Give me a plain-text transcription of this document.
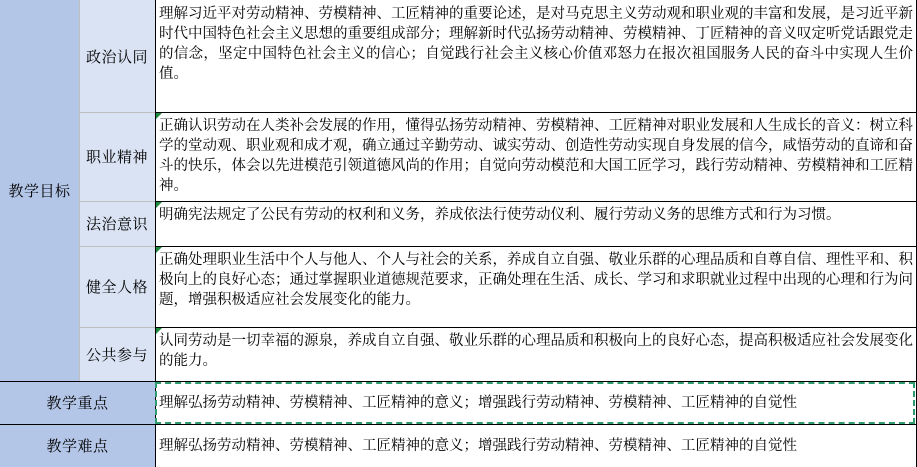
教学目标
政治认同
职业精神
法治意识
健全人格
公共参与
理解习近平对劳动精神、劳模精神、工匠精神的重要论述，是对马克思主义劳动观和职业观的丰富和发展，是习近平新时代中国特色社会主义思想的重要组成部分；理解新时代弘扬劳动精神、劳模精神、丁匠精神的音义叹定听党话跟党走的信念，坚定中国特色社会主义的信心；自觉践行社会主义核心价值邓怒力在报次祖国服务人民的奋斗中实现人生价值。
正确认识劳动在人类补会发展的作用，懂得弘扬劳动精神、劳模精神、工匠精神对职业发展和人生成长的音义：树立科学的堂动观、职业观和成才观，确立通过辛勤劳动、诚实劳动、创造性劳动实现自身发展的信今，咸悟劳动的直谛和奋斗的快乐，体会以先进模范引领道德风尚的作用；自觉向劳动模范和大国工匠学习，践行劳动精神、劳模精神和工匠精神。
明确宪法规定了公民有劳动的权利和义务，养成依法行使劳动仪利、履行劳动义务的思维方式和行为习惯。
正确处理职业生活中个人与他人、个人与社会的关系，养成自立自强、敬业乐群的心理品质和自尊自信、理性平和、积极向上的良好心态；通过掌握职业道德规范要求，正确处理在生活、成长、学习和求职就业过程中出现的心理和行为问题，增强积极适应社会发展变化的能力。
认同劳动是一切幸福的源泉，养成自立自强、敬业乐群的心理品质和积极向上的良好心态，提高积极适应社会发展变化的能力。
教学重点	理解弘扬劳动精神、劳模精神、工匠精神的意义；增强践行劳动精神、劳模精神、工匠精神的自觉性
教学难点	理解弘扬劳动精神、劳模精神、工匠精神的意义；增强践行劳动精神、劳模精神、工匠精神的自觉性
